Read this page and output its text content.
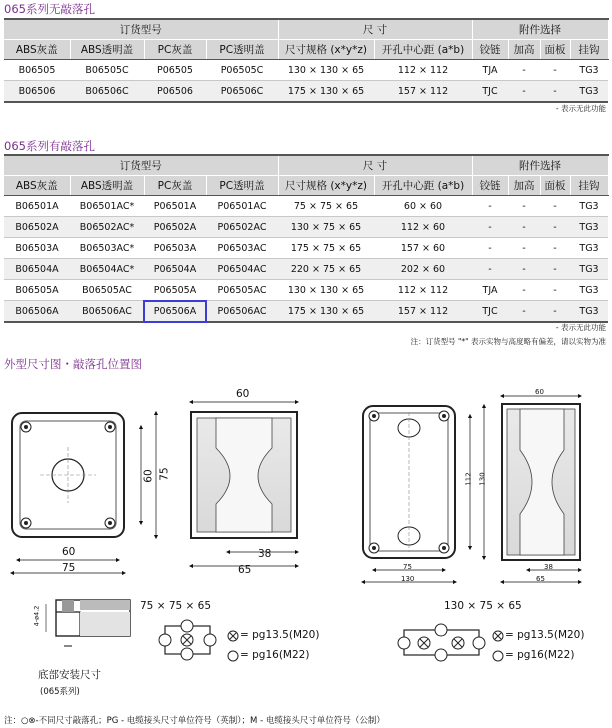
065系列无敲落孔
订货型号				尺 寸		附件选择			
ABS灰盖	ABS透明盖	PC灰盖	PC透明盖	尺寸规格 (x*y*z)	开孔中心距 (a*b)	铰链	加高	面板	挂钩
B06505	B06505C	P06505	P06505C	130 × 130 × 65	112 × 112	TJA	-	-	TG3
B06506	B06506C	P06506	P06506C	175 × 130 × 65	157 × 112	TJC	-	-	TG3
- 表示无此功能
065系列有敲落孔
订货型号				尺 寸		附件选择			
ABS灰盖	ABS透明盖	PC灰盖	PC透明盖	尺寸规格 (x*y*z)	开孔中心距 (a*b)	铰链	加高	面板	挂钩
B06501A	B06501AC*	P06501A	P06501AC	75 × 75 × 65	60 × 60	-	-	-	TG3
B06502A	B06502AC*	P06502A	P06502AC	130 × 75 × 65	112 × 60	-	-	-	TG3
B06503A	B06503AC*	P06503A	P06503AC	175 × 75 × 65	157 × 60	-	-	-	TG3
B06504A	B06504AC*	P06504A	P06504AC	220 × 75 × 65	202 × 60	-	-	-	TG3
B06505A	B06505AC	P06505A	P06505AC	130 × 130 × 65	112 × 112	TJA	-	-	TG3
B06506A	B06506AC	P06506A	P06506AC	175 × 130 × 65	157 × 112	TJC	-	-	TG3
- 表示无此功能
注：订货型号 "*" 表示实物与高度略有偏差，请以实物为准
外型尺寸图・敲落孔位置图
60
75
60 75
60
38
65
60
38
65
75
130
112 130
75 × 75 × 65	130 × 75 × 65
= pg13.5(M20)
= pg16(M22)
= pg13.5(M20)
= pg16(M22)
4-ø4.2
底部安装尺寸
(065系列)
注：○⊗-不同尺寸敲落孔；PG - 电缆接头尺寸单位符号（英制）；M - 电缆接头尺寸单位符号（公制）
